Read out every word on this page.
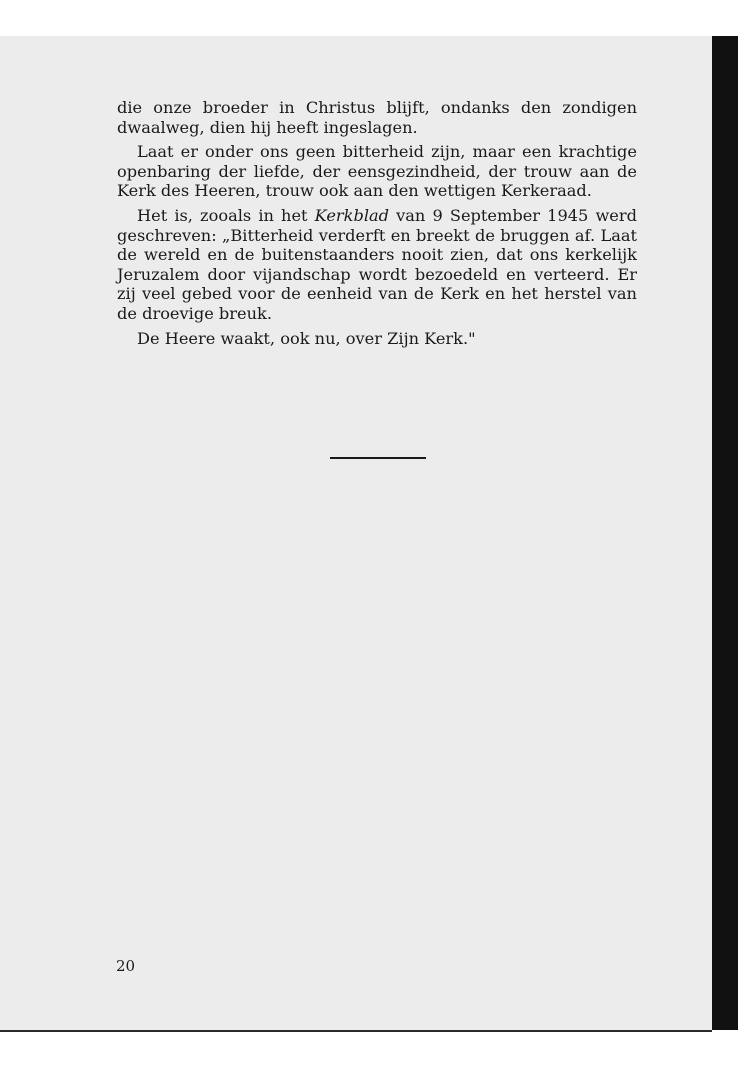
die onze broeder in Christus blijft, ondanks den zondigen dwaalweg, dien hij heeft ingeslagen.

Laat er onder ons geen bitterheid zijn, maar een krachtige openbaring der liefde, der eensgezindheid, der trouw aan de Kerk des Heeren, trouw ook aan den wettigen Kerkeraad.

Het is, zooals in het Kerkblad van 9 September 1945 werd geschreven: „Bitterheid verderft en breekt de bruggen af. Laat de wereld en de buitenstaanders nooit zien, dat ons kerkelijk Jeruzalem door vijandschap wordt bezoedeld en verteerd. Er zij veel gebed voor de eenheid van de Kerk en het herstel van de droevige breuk.

De Heere waakt, ook nu, over Zijn Kerk."

20
